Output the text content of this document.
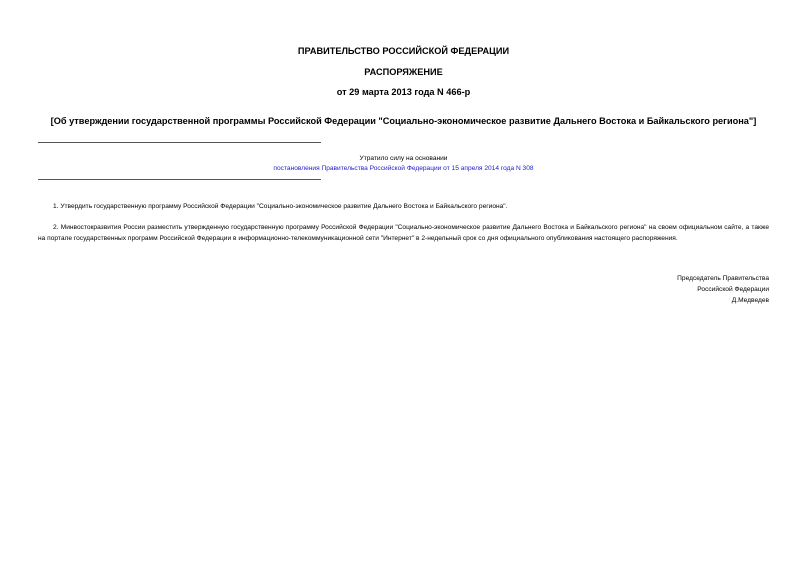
ПРАВИТЕЛЬСТВО РОССИЙСКОЙ ФЕДЕРАЦИИ
РАСПОРЯЖЕНИЕ
от 29 марта 2013 года N 466-р
[Об утверждении государственной программы Российской Федерации "Социально-экономическое развитие Дальнего Востока и Байкальского региона"]
Утратило силу на основании
постановления Правительства Российской Федерации от 15 апреля 2014 года N 308
1. Утвердить государственную программу Российской Федерации "Социально-экономическое развитие Дальнего Востока и Байкальского региона".
2. Минвостокразвития России разместить утвержденную государственную программу Российской Федерации "Социально-экономическое развитие Дальнего Востока и Байкальского региона" на своем официальном сайте, а также на портале государственных программ Российской Федерации в информационно-телекоммуникационной сети "Интернет" в 2-недельный срок со дня официального опубликования настоящего распоряжения.
Председатель Правительства
Российской Федерации
Д.Медведев
